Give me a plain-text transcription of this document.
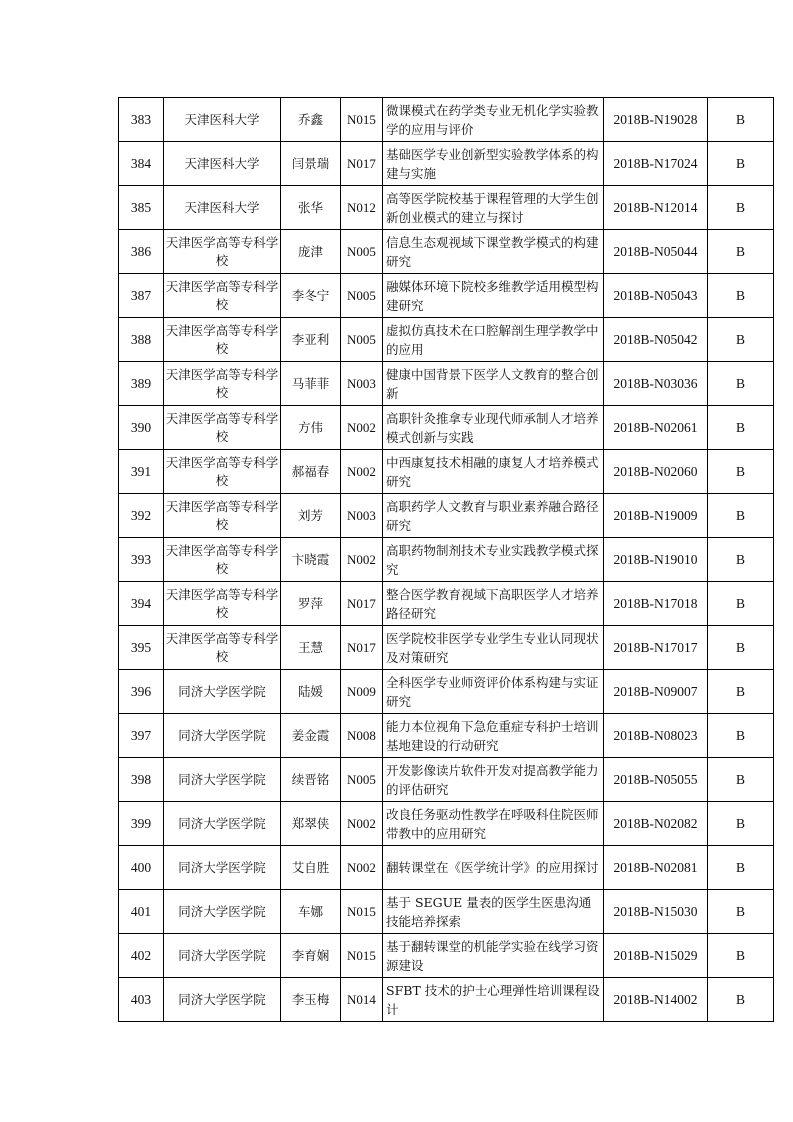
383	天津医科大学	乔鑫	N015	微课模式在药学类专业无机化学实验教学的应用与评价	2018B-N19028	B
384	天津医科大学	闫景瑞	N017	基础医学专业创新型实验教学体系的构建与实施	2018B-N17024	B
385	天津医科大学	张华	N012	高等医学院校基于课程管理的大学生创新创业模式的建立与探讨	2018B-N12014	B
386	天津医学高等专科学校	庞津	N005	信息生态观视域下课堂教学模式的构建研究	2018B-N05044	B
387	天津医学高等专科学校	李冬宁	N005	融媒体环境下院校多维教学适用模型构建研究	2018B-N05043	B
388	天津医学高等专科学校	李亚利	N005	虚拟仿真技术在口腔解剖生理学教学中的应用	2018B-N05042	B
389	天津医学高等专科学校	马菲菲	N003	健康中国背景下医学人文教育的整合创新	2018B-N03036	B
390	天津医学高等专科学校	方伟	N002	高职针灸推拿专业现代师承制人才培养模式创新与实践	2018B-N02061	B
391	天津医学高等专科学校	郝福春	N002	中西康复技术相融的康复人才培养模式研究	2018B-N02060	B
392	天津医学高等专科学校	刘芳	N003	高职药学人文教育与职业素养融合路径研究	2018B-N19009	B
393	天津医学高等专科学校	卞晓霞	N002	高职药物制剂技术专业实践教学模式探究	2018B-N19010	B
394	天津医学高等专科学校	罗萍	N017	整合医学教育视域下高职医学人才培养路径研究	2018B-N17018	B
395	天津医学高等专科学校	王慧	N017	医学院校非医学专业学生专业认同现状及对策研究	2018B-N17017	B
396	同济大学医学院	陆媛	N009	全科医学专业师资评价体系构建与实证研究	2018B-N09007	B
397	同济大学医学院	姜金霞	N008	能力本位视角下急危重症专科护士培训基地建设的行动研究	2018B-N08023	B
398	同济大学医学院	续晋铭	N005	开发影像读片软件开发对提高教学能力的评估研究	2018B-N05055	B
399	同济大学医学院	郑翠侠	N002	改良任务驱动性教学在呼吸科住院医师带教中的应用研究	2018B-N02082	B
400	同济大学医学院	艾自胜	N002	翻转课堂在《医学统计学》的应用探讨	2018B-N02081	B
401	同济大学医学院	车娜	N015	基于 SEGUE 量表的医学生医患沟通技能培养探索	2018B-N15030	B
402	同济大学医学院	李育娴	N015	基于翻转课堂的机能学实验在线学习资源建设	2018B-N15029	B
403	同济大学医学院	李玉梅	N014	SFBT 技术的护士心理弹性培训课程设计	2018B-N14002	B
